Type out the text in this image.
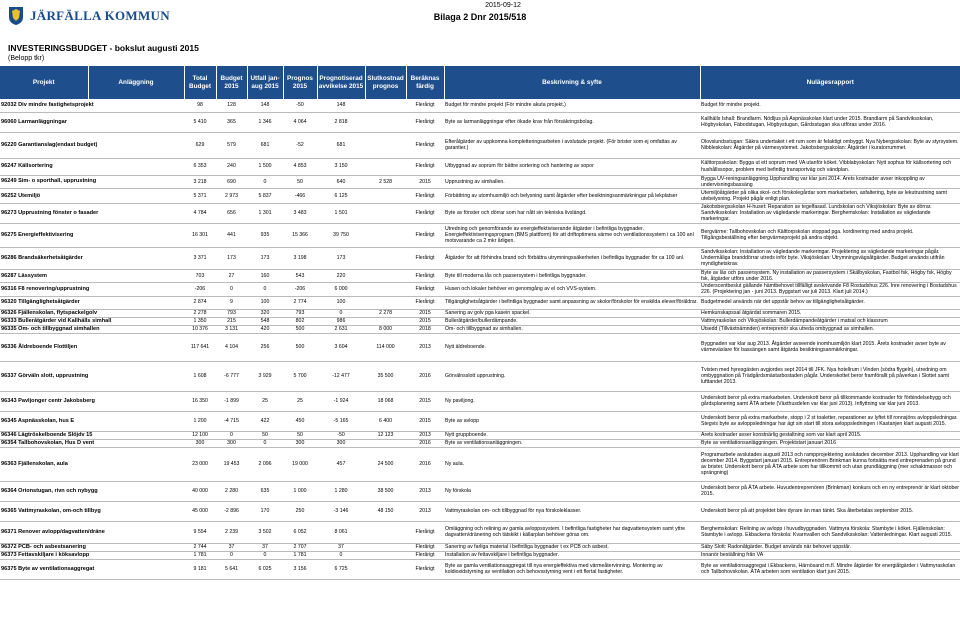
JÄRFÄLLA KOMMUN
2015-09-12
Bilaga 2 Dnr 2015/518
INVESTERINGSBUDGET - bokslut augusti 2015
(Belopp tkr)
Projekt	Anläggning	Total Budget	Budget 2015	Utfall jan-aug 2015	Prognos 2015	Prognotiserad avvikelse 2015	Slutkostnad prognos	Beräknas färdig	Beskrivning & syfte	Nulägesrapport
92032 Div mindre fastighetsprojekt		98	128	148	-50	148		Flerårigt	Budget för mindre projekt (För mindre akuta projekt.)	Budget för mindre projekt.
96060 Larmanläggningar		5 410	365	1 346	4 064	2 818		Flerårigt	Byte av larmanläggningar efter ökade krav från försäkringsbolag.	Kallhälls Ishall: Brandlarm. Nödljus på Aspnässkolan klart under 2015. Brandlarm på Sandviksskolan, Högbyskolan, Fäbodstugan, Högbystugan, Gårdsstugan ska utföras under 2016.
96220 Garantianslag(endast budget)		629	579	681	-52	681		Flerårigt	Efterålgärder av uppkomna kompletteringsarbeten i avslutade projekt. (För brister som ej omfattas av garantier.)	Olovslundsstugan: Säkra undertaket i ett rum som är felaktigt ombyggt. Nya Nybergsskolan: Byte av styrsystem. Nibbleskolan: Åtgärder på värmesystemet. Jakobsbergsskolan: Åtgärder i kuratorrummet.
96247 Källsortering		6 353	240	1 500	4 853	3 150		Flerårigt	Utbyggnad av soprum för bättre sortering och hantering av sopor	Kälttorpsskolan: Bygga ut ett soprum med VA utanför köket. Vibblabyskolan: Nytt sophus för källsortering och hushållssopor, problem med befintlig transportväg och vändplan.
96249 Sim- o sporthall, upprustning		3 218	690	0	50	640	2 528	2015	Upprustning av simhallen.	Bygga UV-reningsanläggning.Upphandling var klar juni 2014. Årets kostnader avser inkoppling av undervisningsbassäng
96252 Utemiljö		5 371	2 973	5 837	-466	6 125		Flerårigt	Förbättring av utomhusmiljö och belysning samt åtgärder efter besiktningsanmärkningar på lekplatser	Utemiljöåtgärder på olika skol- och förskolegårdar som markarbeten, asfaltering, byte av lekutrustning samt utebelysning. Projekt pågår enligt plan.
96273 Upprustning fönster o fasader		4 784	656	1 301	3 483	1 501		Flerårigt	Byte av fönster och dörrar som har nått sin tekniska livslängd.	Jakobsbergsskolan H-huset: Reparation av tegelfasad. Lundskolan och Viksjöskolan: Byte av dörrar. Sandviksskolan: Installation av vägledande markeringar. Berghemskolan: Installation av vägledande markeringar.
96275 Energieffektivisering		16 301	441	935	15 366	39 750		Flerårigt	Utredning och genomförande av energieffektiviserande åtgärder i befintliga byggnader. Energieffektiviseringsprogram (BMS plattform) för att driftoptimera värme och ventilationssystem i ca 100 anl motsvarande ca 2 mkr årligen.	Bergvärme: Tallbohovskolan och Kälttorpskolan stoppad pga. kordinering med andra projekt. Tillgångsbeställning efter bergvärmeprojekt på andra objekt.
96286 Brandsäkerhetsåtgärder		3 371	173	173	3 198	173		Flerårigt	Åtgärder för att förhindra brand och förbättra utrymningssäkerheten i befintliga byggnader för ca 100 anl.	Sandviksskolan: Installation av vägledande markeringar. Projektering av vägledande markeringar pågår. Undermåliga branddörrar utreds inför byte. Viksjöskolan: Utrymningsvägsåtgärder. Budget används utifrån myndighetskrav.
96287 Lässystem		703	27	160	543	220		Flerårigt	Byte till moderna lås och passersystem i befintliga byggnader.	Byte av lås och passersystem. Ny installation av passersystem i Skälbyskolan, Fastbol fsk, Högby fsk, Högby fsk, åtgärder utförs under 2016.
96316 F8 renovering/upprustning		-206	0	0	-206	6 000		Flerårigt	Husen och lokaler behöver en genomgång av el och VVS-system.	Underscentbeslut gällande hämtbehovet tillfälligt avskrivande F8 Rostadshus 226. Inre renovering i Bostadshus 226. (Projektering jan - juni 2013. Byggstart var juli 2013. Klart juli 2014.)
96320 Tillgänglighetsåtgärder		2 874	9	100	2 774	100		Flerårigt	Tillgänglighetsåtgärder i befintliga byggnader samt anpassning av skolor/förskolor för enskilda elever/föräldrar.	Budgetmedel används när det uppstår behov av tillgänglighetsåtgärder.
96326 Fjällenskolan, flytspackelgolv		2 278	793	320	793	0	2 278	2015	Sanering av golv pga kasein spackel.	Hemkunskapssal åtgärdat sommaren 2015.
96333 Bulleråtgärder vid Kallhälls simhall		1 350	215	548	802	986		2015	Bulleråtgärder/bullerdämpande.	Vattmyraskolan och Viksjöskolan: Bullerdämpandeåtgärder i matsal och klassrum
96335 Om- och tillbyggnad simhallen		10 376	3 131	420	500	2 631	8 000	2018	Om- och tillbyggnad av simhallen.	Utsedd (Tillväxtnämnden) entreprenör ska utreda ombyggnad av simhallen.
96336 Äldreboende Flottiljen		117 641	4 104	256	500	3 604	114 000	2013	Nytt äldreboende.	Byggnaden var klar aug 2013. Åtgärder avseende inomhusmiljön klart 2015. Årets kostnader avser byte av värmeväxlare för bassängen samt åtgärda besiktningsanmärkningar.
96337 Görväln slott, upprustning		1 608	-6 777	3 929	5 700	-12 477	35 500	2016	Görvälnsslott upprustning.	Tvisten med hyresgästen avgjordes sept 2014 till JFK. Nya hotellrum i Vinden (södra flygeln), utredning om ombyggnation på Trädgårdsmästarbostaden pågår. Underskottet beror framförallt på påverkan i Slottet samt lufttandet 2013.
96343 Pavljonger centr Jakobsberg		16 350	-1 899	25	25	-1 924	18 068	2015	Ny paviljong.	Underskott beror på extra markarbeten. Underskott beror på tillkommande kostnader för förbindelsebygg och gårdsplanering samt ÄTA arbete (Växthusdelen var klar juni 2013). Inflyttning var klar juni 2013.
96345 Aspnässkolan, hus E		1 200	-4 715	422	450	-5 165	6 400	2015	Byte av avlopp	Underskott beror på extra markarbete, stopp i 2 st toaletter, reparationer av lyftet till ronnsjöns avloppsledningar. Stegvis byte av avloppsledningar har ägt sin start till stora avloppsledningen i Kastanjen klart augusti 2015.
96346 Lägtröskelboende Slöjdv 15		12 100	0	50	50	-50	12 123	2013	Nytt gruppboende.	Årets kostnader avser konstnärlig gestaltning som var klart april 2015.
96354 Tallbohovskolan, Hus D vent		300	300	0	300	300		2016	Byte av ventilationsanläggningen.	Byte av ventilationsanläggningen. Projektstart januari 2016
96363 Fjällenskolan, aula		23 000	19 453	2 096	19 000	457	24 500	2016	Ny aula.	Programarbete avslutades augusti 2013 och rampprojektering avslutades december 2013. Upphandling var klart december 2014. Byggstart januari 2015. Entreprenören Brinkman kunna fortsätta med entreprenaden på grund av brister. Underskott beror på ÄTA arbete som har tillkommit och utan grundläggning (mer schaktmassor och sprängning)
96364 Orionstugan, rivn och nybygg		40 000	2 280	635	1 000	1 280	38 500	2013	Ny förskola	Underskott beror på ÄTA arbete. Huvudentreprenören (Brinkman) konkurs och en ny entreprenör är klart oktober 2015.
96365 Vattmyraskolan, om-och tillbyg		45 000	-2 896	170	250	-3 146	48 150	2013	Vattmyraskolan om- och tillbyggnad för nya förskoleklasser.	Underskott beror på att projektet blev dyrare än man tänkt. Ska återbetalas september 2015.
96371 Renover avlopp/dagvatten/dräne		9 554	2 239	3 502	6 052	8 061		Flerårigt	Omläggning och relining av gamla avloppssystem. I befintliga fastigheter har dagvattensystem samt yttre dagvatten/dränering och tätskikt i källarplan behöver göras om.	Berghemskolan: Relining av avlopp i huvudbyggnaden. Vattmyra förskola: Stambyte i köket. Fjällenskolan: Stambyte i avlopp. Ekbackens förskola: Kvarnvallen och Sandviksskolan: Vattenledningar. Klart augusti 2015.
96372 PCB- och asbestsanering		2 744	37	37	2 707	37		Flerårigt	Sanering av farliga material i befintliga byggnader t ex PCB och asbest.	Säby Slott: Radonåtgärder. Budget används när behovet uppstår.
96373 Fettavskiljare i köksavlopp		1 781	0	0	1 781	0		Flerårigt	Installation av fettavskiljare i befintliga byggnader.	Innanör beställning från VA
96375 Byte av ventilationsaggregat		9 181	5 641	6 025	3 156	6 725		Flerårigt	Byte av gamla ventilationsaggregat till nya energieffektiva med värmeåtervinning. Montering av koldioxidstyrning av ventilation och behovsstyrning vent i ett flertal fastigheter.	Byte av ventilationsaggregat i Ekbackens, Härnösand m.fl. Mindre åtgärder för energiåtgärder i Vattmyraskolan och Tallbohovskolan. ÄTA arbeten som ventilation klart juni 2015.
